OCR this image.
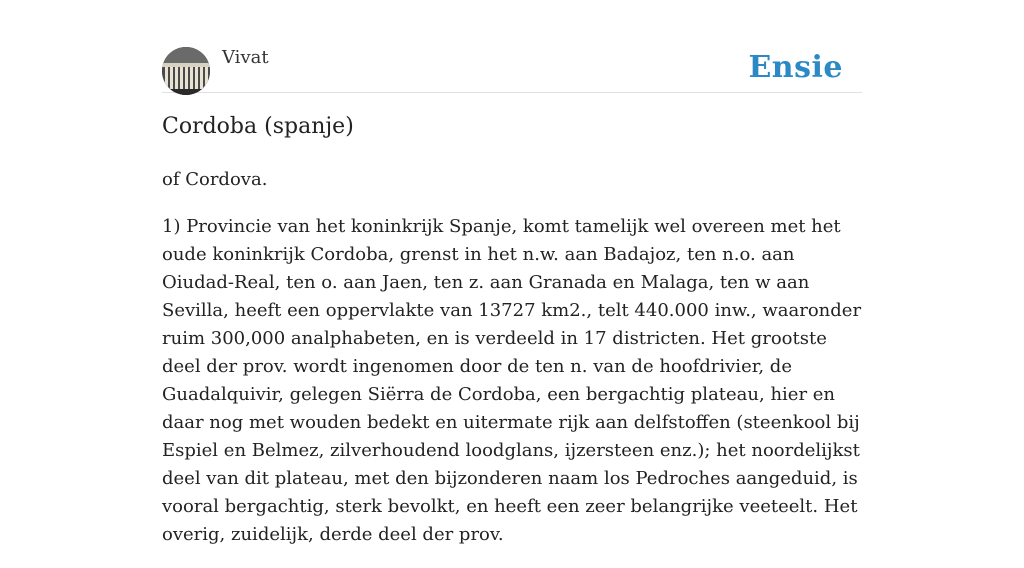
Vivat	Ensie
Cordoba (spanje)

of Cordova.

1) Provincie van het koninkrijk Spanje, komt tamelijk wel overeen met het oude koninkrijk Cordoba, grenst in het n.w. aan Badajoz, ten n.o. aan Oiudad-Real, ten o. aan Jaen, ten z. aan Granada en Malaga, ten w aan Sevilla, heeft een oppervlakte van 13727 km2., telt 440.000 inw., waaronder ruim 300,000 analphabeten, en is verdeeld in 17 districten. Het grootste deel der prov. wordt ingenomen door de ten n. van de hoofdrivier, de Guadalquivir, gelegen Siërra de Cordoba, een bergachtig plateau, hier en daar nog met wouden bedekt en uitermate rijk aan delfstoffen (steenkool bij Espiel en Belmez, zilverhoudend loodglans, ijzersteen enz.); het noordelijkst deel van dit plateau, met den bijzonderen naam los Pedroches aangeduid, is vooral bergachtig, sterk bevolkt, en heeft een zeer belangrijke veeteelt. Het overig, zuidelijk, derde deel der prov.
